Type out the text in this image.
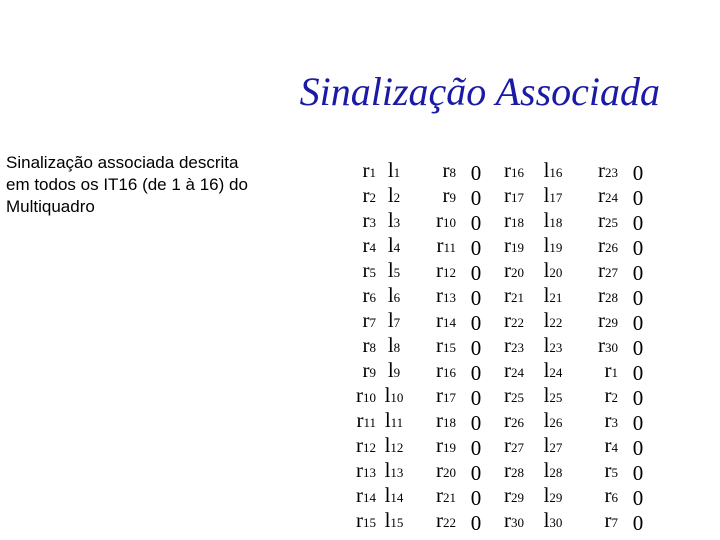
Sinalização Associada
Sinalização associada descrita
em todos os IT16 (de 1 à 16) do
Multiquadro
r1	l1	r8	0	r16	l16	r23	0
r2	l2	r9	0	r17	l17	r24	0
r3	l3	r10	0	r18	l18	r25	0
r4	l4	r11	0	r19	l19	r26	0
r5	l5	r12	0	r20	l20	r27	0
r6	l6	r13	0	r21	l21	r28	0
r7	l7	r14	0	r22	l22	r29	0
r8	l8	r15	0	r23	l23	r30	0
r9	l9	r16	0	r24	l24	r1	0
r10	l10	r17	0	r25	l25	r2	0
r11	l11	r18	0	r26	l26	r3	0
r12	l12	r19	0	r27	l27	r4	0
r13	l13	r20	0	r28	l28	r5	0
r14	l14	r21	0	r29	l29	r6	0
r15	l15	r22	0	r30	l30	r7	0
